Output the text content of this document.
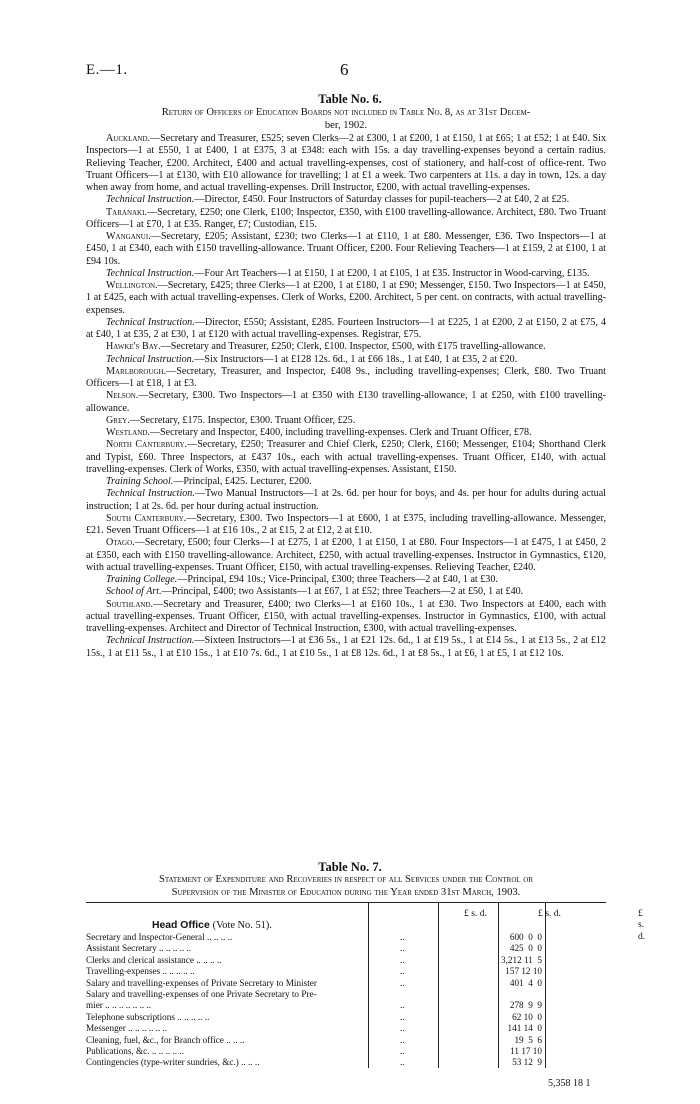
E.—1.	6
Table No. 6.
Return of Officers of Education Boards not included in Table No. 8, as at 31st Decem-
ber, 1902.

Auckland.—Secretary and Treasurer, £525; seven Clerks—2 at £300, 1 at £200, 1 at £150, 1 at £65; 1 at £52; 1 at £40. Six Inspectors—1 at £550, 1 at £400, 1 at £375, 3 at £348: each with 15s. a day travelling-expenses beyond a certain radius. Relieving Teacher, £200. Architect, £400 and actual travelling-expenses, cost of stationery, and half-cost of office-rent. Two Truant Officers—1 at £130, with £10 allowance for travelling; 1 at £1 a week. Two carpenters at 11s. a day in town, 12s. a day when away from home, and actual travelling-expenses. Drill Instructor, £200, with actual travelling-expenses.

Technical Instruction.—Director, £450. Four Instructors of Saturday classes for pupil-teachers—2 at £40, 2 at £25.

Taranaki.—Secretary, £250; one Clerk, £100; Inspector, £350, with £100 travelling-allowance. Architect, £80. Two Truant Officers—1 at £70, 1 at £35. Ranger, £7; Custodian, £15.

Wanganui.—Secretary, £205; Assistant, £230; two Clerks—1 at £110, 1 at £80. Messenger, £36. Two Inspectors—1 at £450, 1 at £340, each with £150 travelling-allowance. Truant Officer, £200. Four Relieving Teachers—1 at £159, 2 at £100, 1 at £94 10s.

Technical Instruction.—Four Art Teachers—1 at £150, 1 at £200, 1 at £105, 1 at £35. Instructor in Wood-carving, £135.

Wellington.—Secretary, £425; three Clerks—1 at £200, 1 at £180, 1 at £90; Messenger, £150. Two Inspectors—1 at £450, 1 at £425, each with actual travelling-expenses. Clerk of Works, £200. Architect, 5 per cent. on contracts, with actual travelling-expenses.

Technical Instruction.—Director, £550; Assistant, £285. Fourteen Instructors—1 at £225, 1 at £200, 2 at £150, 2 at £75, 4 at £40, 1 at £35, 2 at £30, 1 at £120 with actual travelling-expenses. Registrar, £75.

Hawke's Bay.—Secretary and Treasurer, £250; Clerk, £100. Inspector, £500, with £175 travelling-allowance.

Technical Instruction.—Six Instructors—1 at £128 12s. 6d., 1 at £66 18s., 1 at £40, 1 at £35, 2 at £20.

Marlborough.—Secretary, Treasurer, and Inspector, £408 9s., including travelling-expenses; Clerk, £80. Two Truant Officers—1 at £18, 1 at £3.

Nelson.—Secretary, £300. Two Inspectors—1 at £350 with £130 travelling-allowance, 1 at £250, with £100 travelling-allowance.

Grey.—Secretary, £175. Inspector, £300. Truant Officer, £25.

Westland.—Secretary and Inspector, £400, including travelling-expenses. Clerk and Truant Officer, £78.

North Canterbury.—Secretary, £250; Treasurer and Chief Clerk, £250; Clerk, £160; Messenger, £104; Shorthand Clerk and Typist, £60. Three Inspectors, at £437 10s., each with actual travelling-expenses. Truant Officer, £140, with actual travelling-expenses. Clerk of Works, £350, with actual travelling-expenses. Assistant, £150.

Training School.—Principal, £425. Lecturer, £200.

Technical Instruction.—Two Manual Instructors—1 at 2s. 6d. per hour for boys, and 4s. per hour for adults during actual instruction; 1 at 2s. 6d. per hour during actual instruction.

South Canterbury.—Secretary, £300. Two Inspectors—1 at £600, 1 at £375, including travelling-allowance. Messenger, £21. Seven Truant Officers—1 at £16 10s., 2 at £15, 2 at £12, 2 at £10.

Otago.—Secretary, £500; four Clerks—1 at £275, 1 at £200, 1 at £150, 1 at £80. Four Inspectors—1 at £475, 1 at £450, 2 at £350, each with £150 travelling-allowance. Architect, £250, with actual travelling-expenses. Instructor in Gymnastics, £120, with actual travelling-expenses. Truant Officer, £150, with actual travelling-expenses. Relieving Teacher, £240.

Training College.—Principal, £94 10s.; Vice-Principal, £300; three Teachers—2 at £40, 1 at £30.

School of Art.—Principal, £400; two Assistants—1 at £67, 1 at £52; three Teachers—2 at £50, 1 at £40.

Southland.—Secretary and Treasurer, £400; two Clerks—1 at £160 10s., 1 at £30. Two Inspectors at £400, each with actual travelling-expenses. Truant Officer, £150, with actual travelling-expenses. Instructor in Gymnastics, £100, with actual travelling-expenses. Architect and Director of Technical Instruction, £300, with actual travelling-expenses.

Technical Instruction.—Sixteen Instructors—1 at £36 5s., 1 at £21 12s. 6d., 1 at £19 5s., 1 at £14 5s., 1 at £13 5s., 2 at £12 15s., 1 at £11 5s., 1 at £10 15s., 1 at £10 7s. 6d., 1 at £10 5s., 1 at £8 12s. 6d., 1 at £8 5s., 1 at £6, 1 at £5, 1 at £12 10s.

Table No. 7.
Statement of Expenditure and Recoveries in respect of all Services under the Control or
Supervision of the Minister of Education during the Year ended 31st March, 1903.
£ s. d.	£ s. d.	£ s. d.
Head Office (Vote No. 51).
Secretary and Inspector-General .. .. .. ..	..	600  0  0
Assistant Secretary .. .. .. .. ..	..	425  0  0
Clerks and clerical assistance .. .. .. ..	..	3,212 11  5
Travelling-expenses .. .. .. .. ..	..	157 12 10
Salary and travelling-expenses of Private Secretary to Minister	..	401  4  0
Salary and travelling-expenses of one Private Secretary to Pre-
mier .. .. .. .. .. .. ..	..	278  9  9
Telephone subscriptions .. .. .. .. ..	..	62 10  0
Messenger .. .. .. .. .. ..	..	141 14  0
Cleaning, fuel, &c., for Branch office .. .. ..	..	19  5  6
Publications, &c. .. .. .. .. ..	..	11 17 10
Contingencies (type-writer sundries, &c.) .. .. ..	..	53 12  9
5,358 18 1
